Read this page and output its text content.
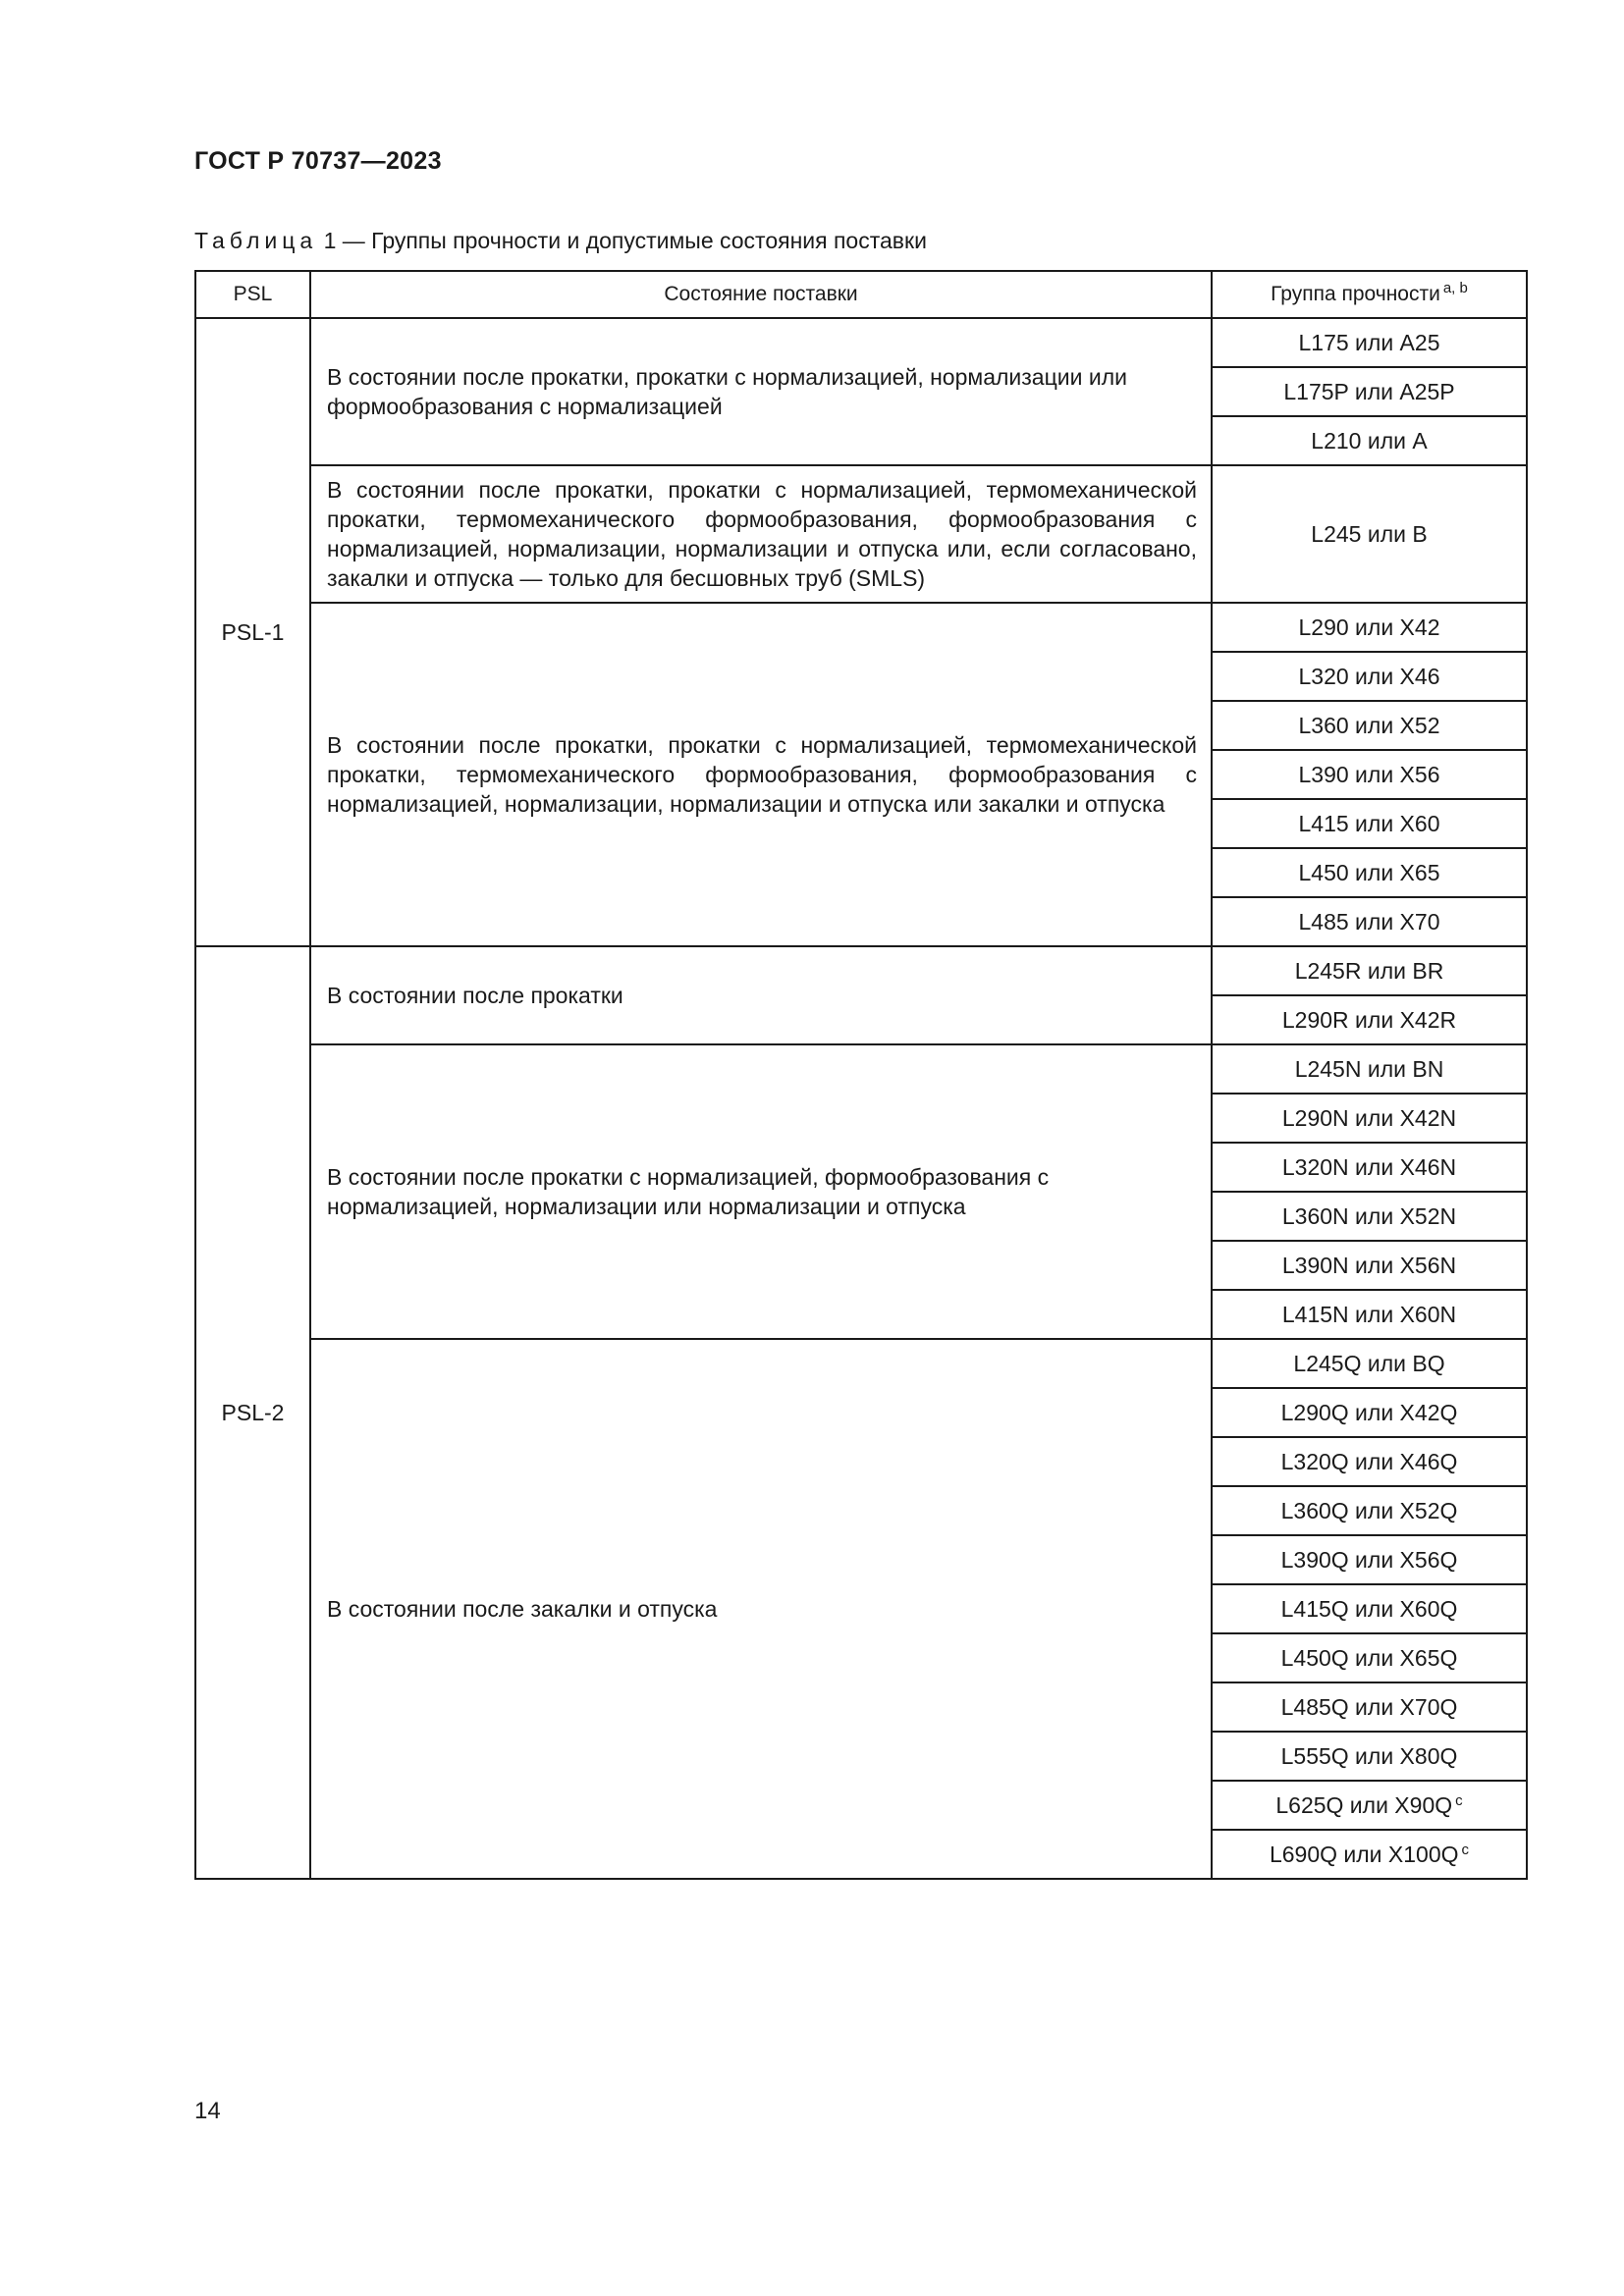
ГОСТ Р 70737—2023
Таблица 1 — Группы прочности и допустимые состояния поставки
PSL	Состояние поставки	Группа прочности $^{a, b}$
PSL-1	В состоянии после прокатки, прокатки с нормализацией, нормализации или формообразования с нормализацией	L175 или A25
		L175P или A25P
		L210 или A
	В состоянии после прокатки, прокатки с нормализацией, термомеханической прокатки, термомеханического формообразования, формообразования с нормализацией, нормализации, нормализации и отпуска или, если согласовано, закалки и отпуска — только для бесшовных труб (SMLS)	L245 или B
	В состоянии после прокатки, прокатки с нормализацией, термомеханической прокатки, термомеханического формообразования, формообразования с нормализацией, нормализации, нормализации и отпуска или закалки и отпуска	L290 или X42
		L320 или X46
		L360 или X52
		L390 или X56
		L415 или X60
		L450 или X65
		L485 или X70
PSL-2	В состоянии после прокатки	L245R или BR
		L290R или X42R
	В состоянии после прокатки с нормализацией, формообразования с нормализацией, нормализации или нормализации и отпуска	L245N или BN
		L290N или X42N
		L320N или X46N
		L360N или X52N
		L390N или X56N
		L415N или X60N
	В состоянии после закалки и отпуска	L245Q или BQ
		L290Q или X42Q
		L320Q или X46Q
		L360Q или X52Q
		L390Q или X56Q
		L415Q или X60Q
		L450Q или X65Q
		L485Q или X70Q
		L555Q или X80Q
		L625Q или X90Q $^c$
		L690Q или X100Q $^c$
14
